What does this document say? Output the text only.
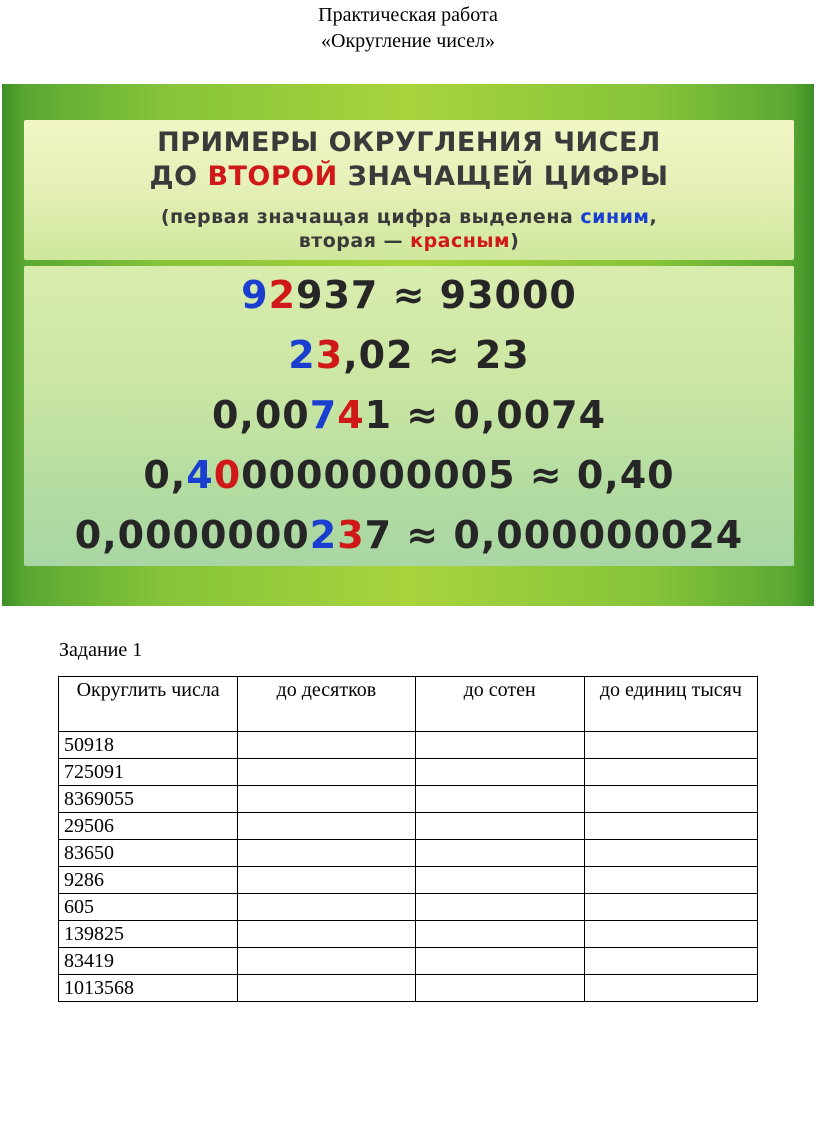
Практическая работа
«Округление чисел»
ПРИМЕРЫ ОКРУГЛЕНИЯ ЧИСЕЛ
ДО ВТОРОЙ ЗНАЧАЩЕЙ ЦИФРЫ
(первая значащая цифра выделена синим,
вторая — красным)
92937 ≈ 93000
23,02 ≈ 23
0,00741 ≈ 0,0074
0,400000000005 ≈ 0,40
0,0000000237 ≈ 0,000000024
Задание 1
Округлить числа	до десятков	до сотен	до единиц тысяч
50918			
725091			
8369055			
29506			
83650			
9286			
605			
139825			
83419			
1013568			
